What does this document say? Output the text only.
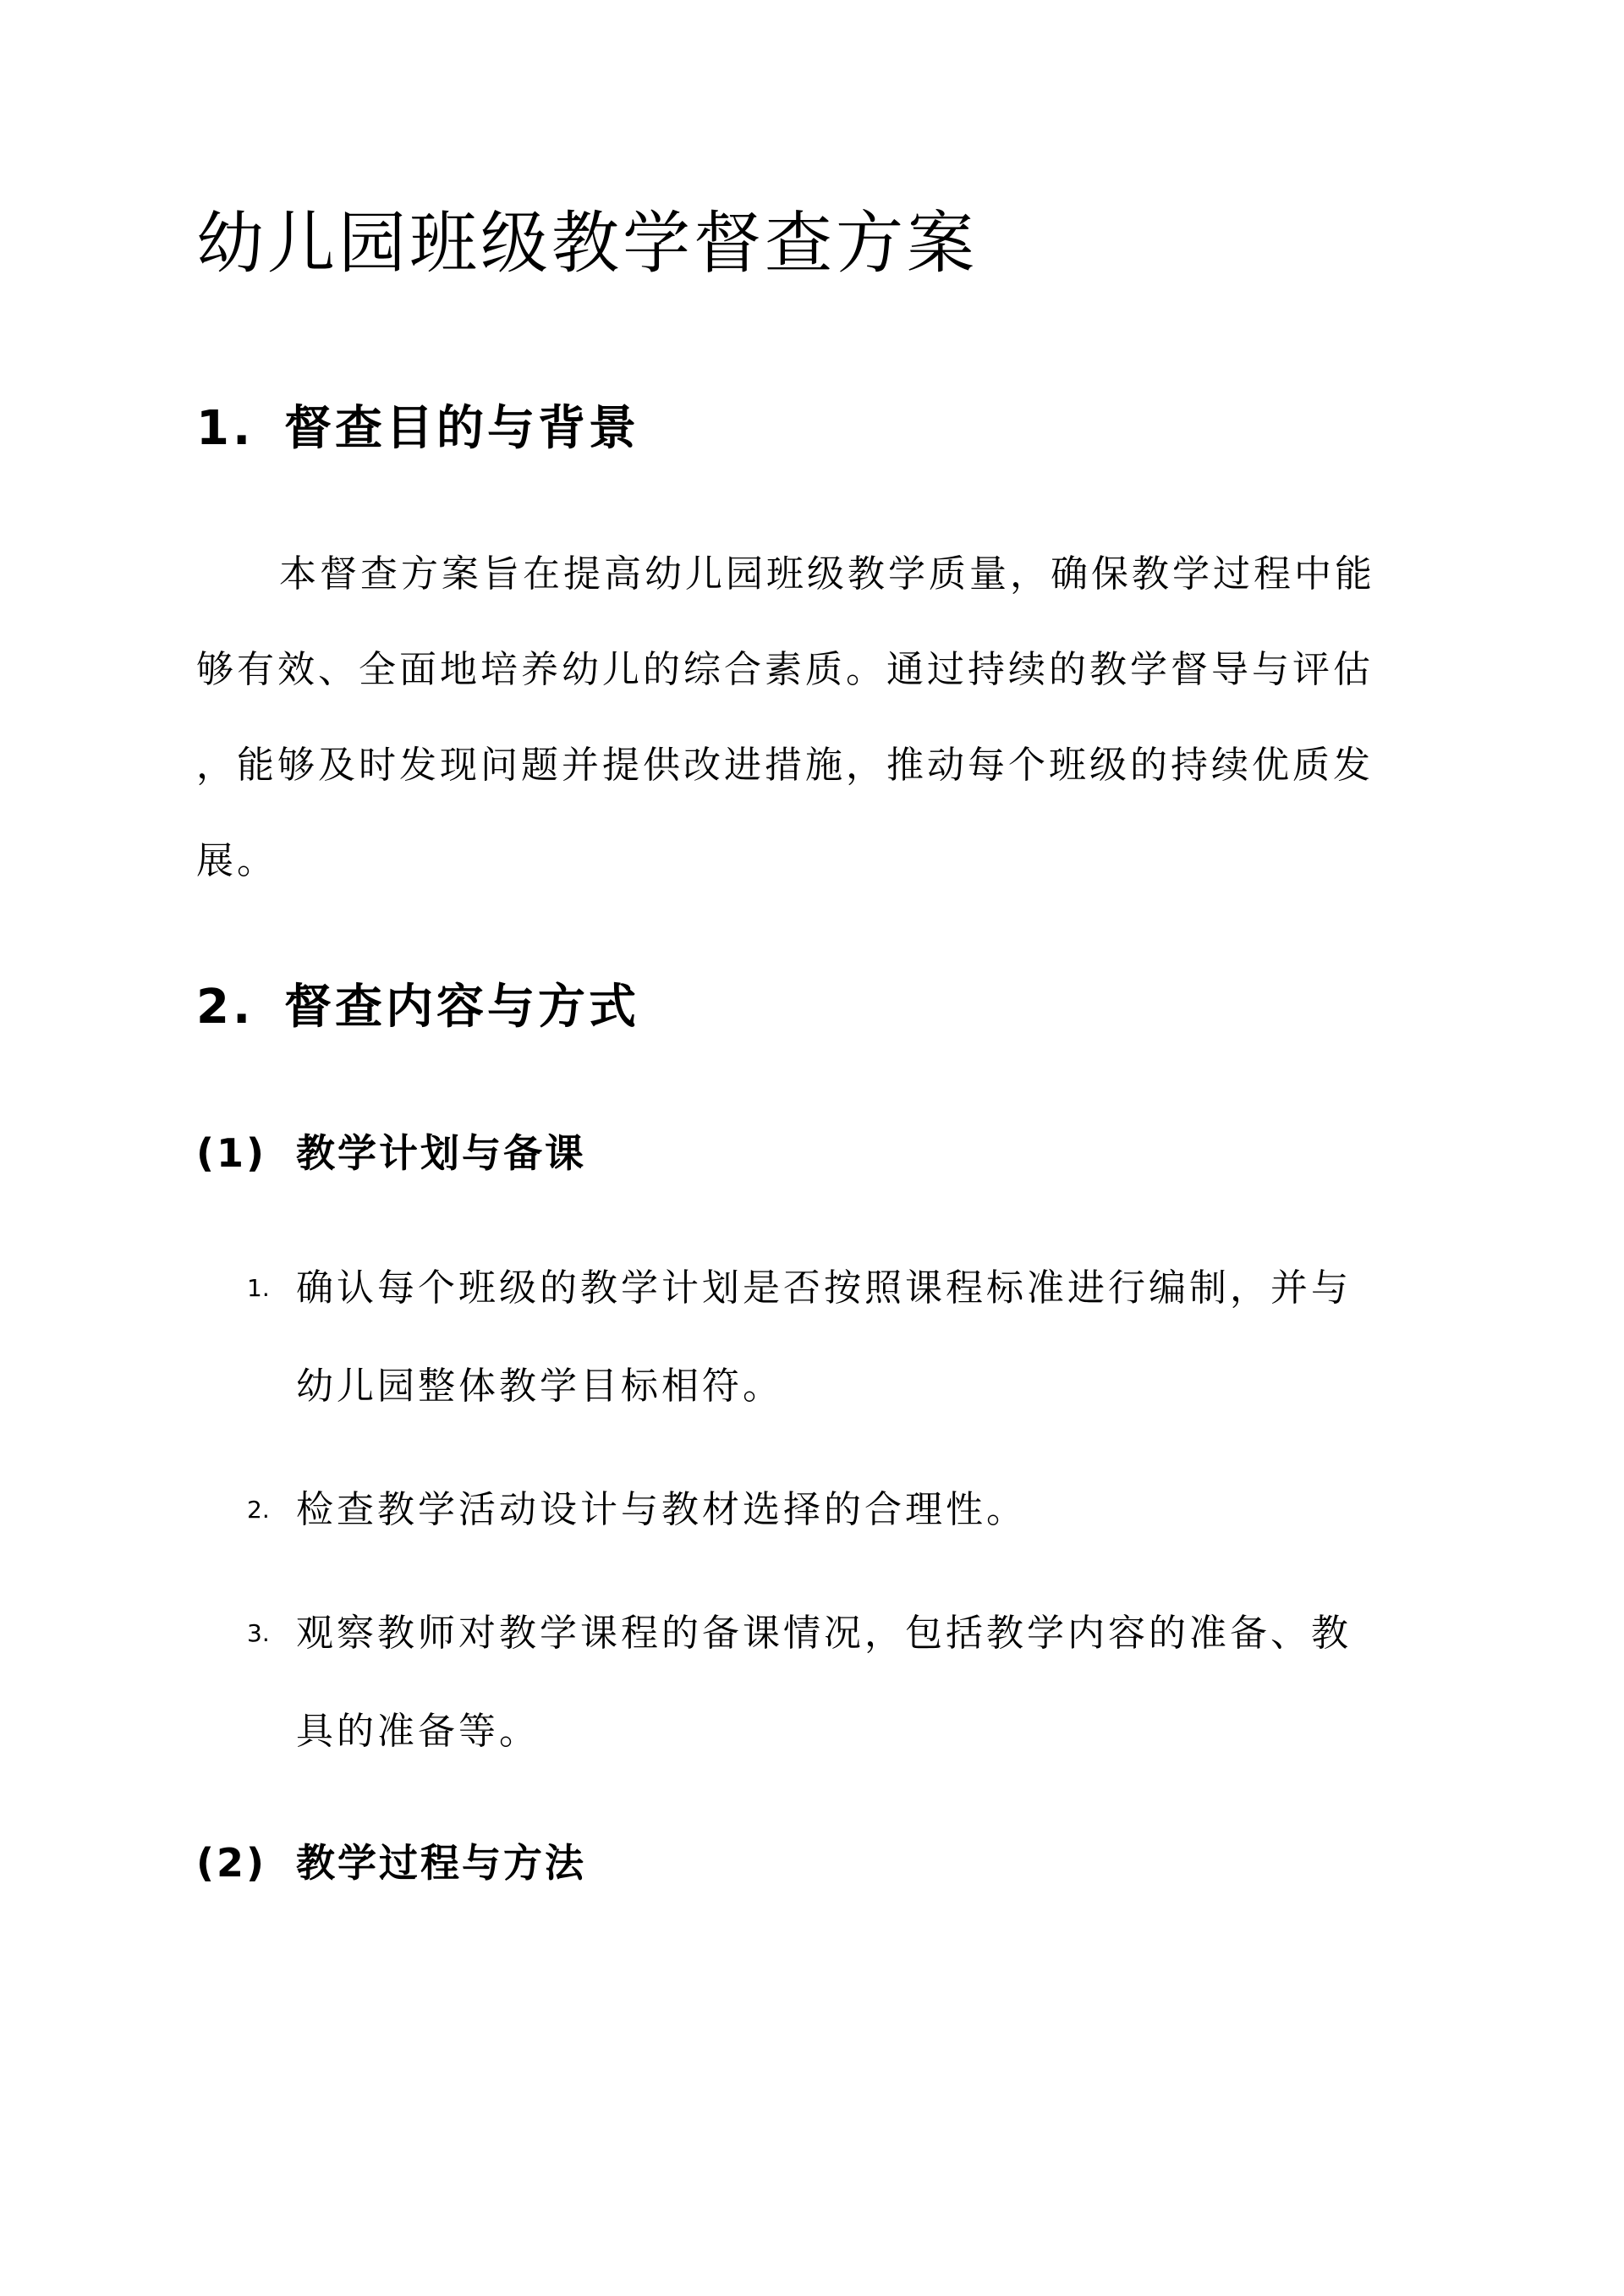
幼儿园班级教学督查方案
1. 督查目的与背景
本督查方案旨在提高幼儿园班级教学质量，确保教学过程中能
够有效、全面地培养幼儿的综合素质。通过持续的教学督导与评估
，能够及时发现问题并提供改进措施，推动每个班级的持续优质发
展。
2. 督查内容与方式
(1) 教学计划与备课
1. 确认每个班级的教学计划是否按照课程标准进行编制，并与
幼儿园整体教学目标相符。
2. 检查教学活动设计与教材选择的合理性。
3. 观察教师对教学课程的备课情况，包括教学内容的准备、教
具的准备等。
(2) 教学过程与方法
